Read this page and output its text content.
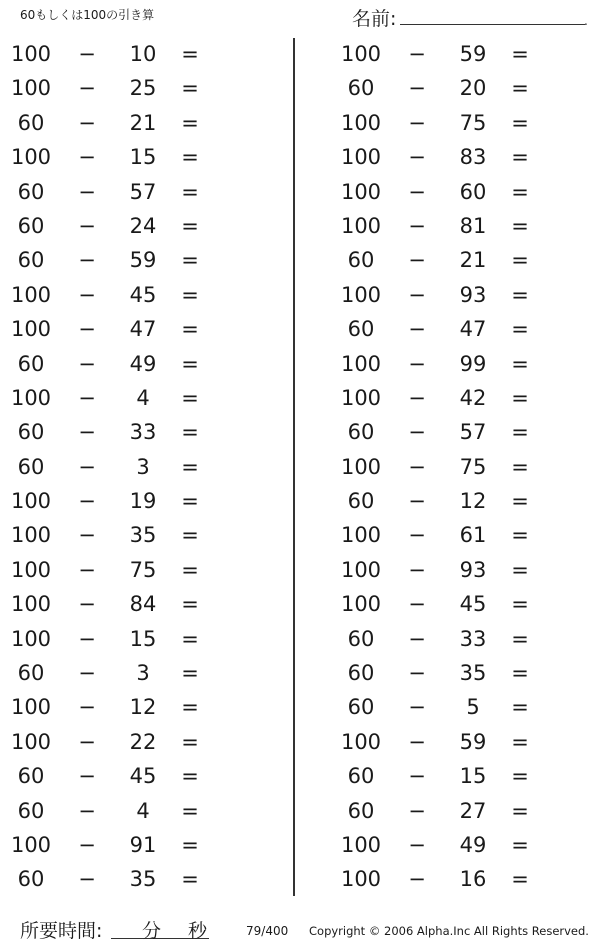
60もしくは100の引き算	名前:	.
100 − 10 =
100 − 25 =
60	− 21 =
100 − 15 =
60	− 57 =
60	− 24 =
60	− 59 =
100 − 45 =
100 − 47 =
60	− 49 =
100 −	4	=
60	− 33 =
60	−	3	=
100 − 19 =
100 − 35 =
100 − 75 =
100 − 84 =
100 − 15 =
60	−	3	=
100 − 12 =
100 − 22 =
60	− 45 =
60	−	4	=
100 − 91 =
60	− 35 =
100 − 59 =
60	− 20 =
100 − 75 =
100 − 83 =
100 − 60 =
100 − 81 =
60	− 21 =
100 − 93 =
60	− 47 =
100 − 99 =
100 − 42 =
60	− 57 =
100 − 75 =
60	− 12 =
100 − 61 =
100 − 93 =
100 − 45 =
60	− 33 =
60	− 35 =
60	−	5	=
100 − 59 =
60	− 15 =
60	− 27 =
100 − 49 =
100 − 16 =
所要時間: 分 秒	79/400 Copyright © 2006 Alpha.Inc All Rights Reserved.
